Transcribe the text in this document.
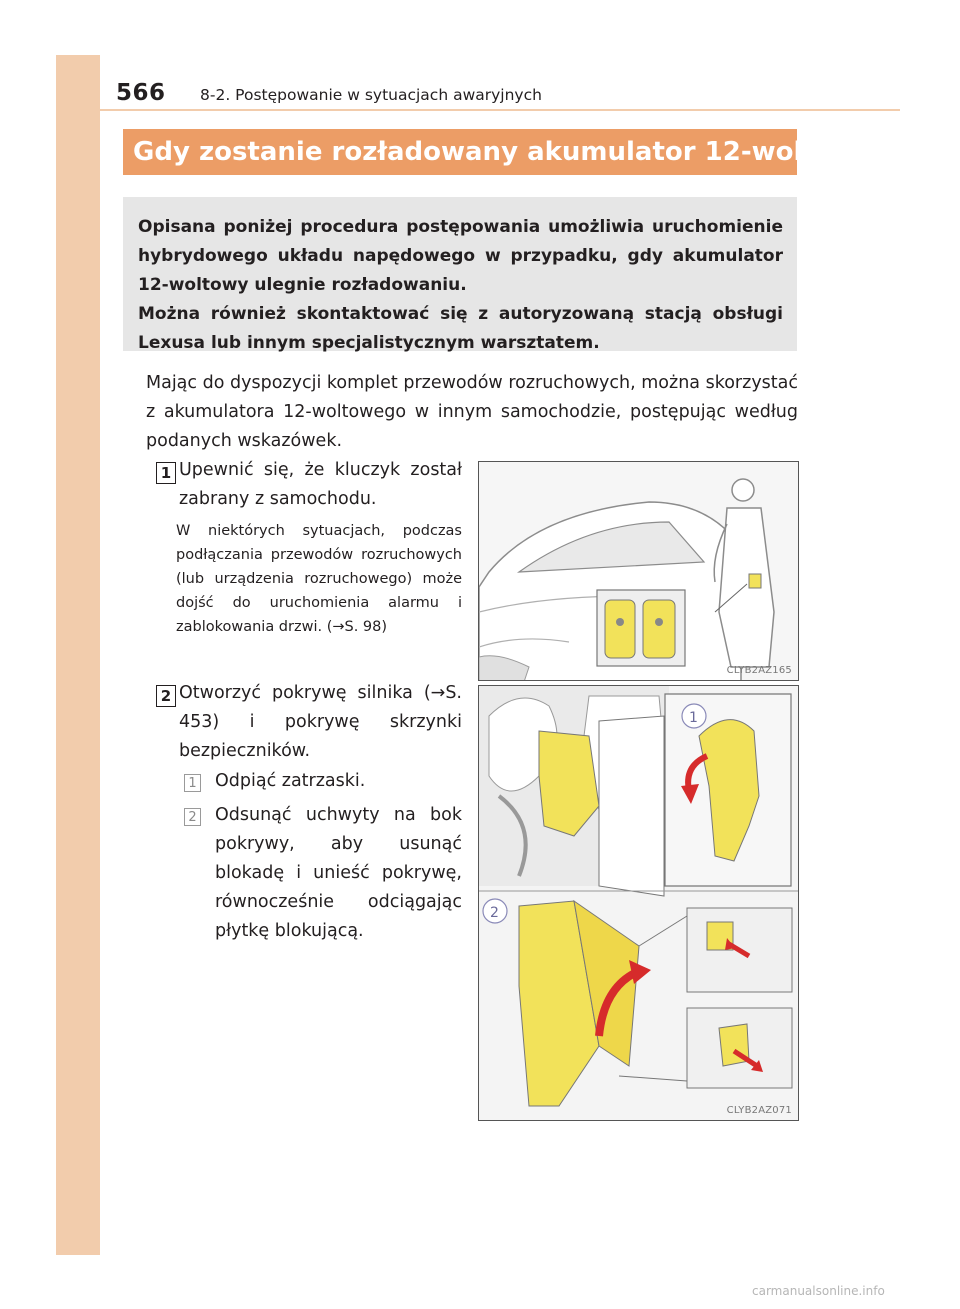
566 8-2. Postępowanie w sytuacjach awaryjnych
Gdy zostanie rozładowany akumulator 12-woltowy

Opisana poniżej procedura postępowania umożliwia uruchomienie hybrydowego układu napędowego w przypadku, gdy akumulator 12-woltowy ulegnie rozładowaniu.

Można również skontaktować się z autoryzowaną stacją obsługi Lexusa lub innym specjalistycznym warsztatem.

Mając do dyspozycji komplet przewodów rozruchowych, można skorzystać z akumulatora 12-woltowego w innym samochodzie, postępując według podanych wskazówek.
1 Upewnić się, że kluczyk został zabrany z samochodu.
W niektórych sytuacjach, podczas podłączania przewodów rozruchowych (lub urządzenia rozruchowego) może dojść do uruchomienia alarmu i zablokowania drzwi. (→S. 98)
CLYB2AZ165
2 Otworzyć pokrywę silnika (→S. 453) i pokrywę skrzynki bezpieczników.
1 Odpiąć zatrzaski.
2 Odsunąć uchwyty na bok pokrywy, aby usunąć blokadę i unieść pokrywę, równocześnie odciągając płytkę blokującą.
1
2
CLYB2AZ071
carmanualsonline.info
